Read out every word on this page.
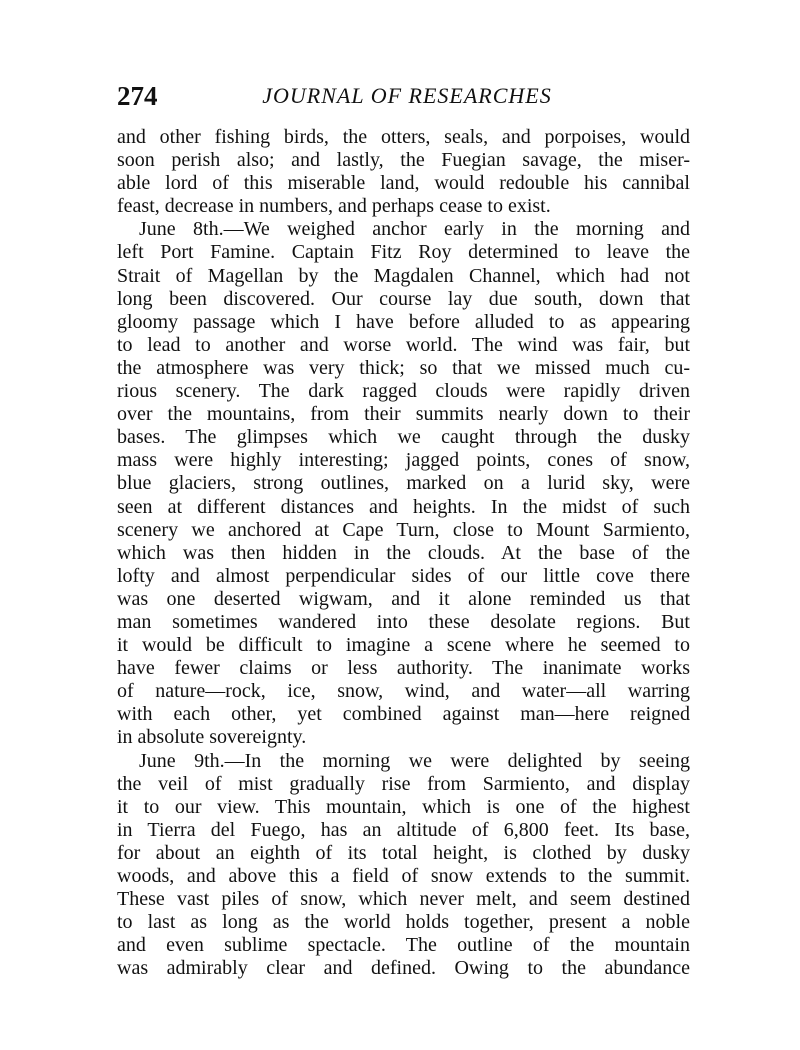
274	JOURNAL OF RESEARCHES
and other fishing birds, the otters, seals, and porpoises, would
soon perish also; and lastly, the Fuegian savage, the miser-
able lord of this miserable land, would redouble his cannibal
feast, decrease in numbers, and perhaps cease to exist.
June 8th.—We weighed anchor early in the morning and
left Port Famine. Captain Fitz Roy determined to leave the
Strait of Magellan by the Magdalen Channel, which had not
long been discovered. Our course lay due south, down that
gloomy passage which I have before alluded to as appearing
to lead to another and worse world. The wind was fair, but
the atmosphere was very thick; so that we missed much cu-
rious scenery. The dark ragged clouds were rapidly driven
over the mountains, from their summits nearly down to their
bases. The glimpses which we caught through the dusky
mass were highly interesting; jagged points, cones of snow,
blue glaciers, strong outlines, marked on a lurid sky, were
seen at different distances and heights. In the midst of such
scenery we anchored at Cape Turn, close to Mount Sarmiento,
which was then hidden in the clouds. At the base of the
lofty and almost perpendicular sides of our little cove there
was one deserted wigwam, and it alone reminded us that
man sometimes wandered into these desolate regions. But
it would be difficult to imagine a scene where he seemed to
have fewer claims or less authority. The inanimate works
of nature—rock, ice, snow, wind, and water—all warring
with each other, yet combined against man—here reigned
in absolute sovereignty.
June 9th.—In the morning we were delighted by seeing
the veil of mist gradually rise from Sarmiento, and display
it to our view. This mountain, which is one of the highest
in Tierra del Fuego, has an altitude of 6,800 feet. Its base,
for about an eighth of its total height, is clothed by dusky
woods, and above this a field of snow extends to the summit.
These vast piles of snow, which never melt, and seem destined
to last as long as the world holds together, present a noble
and even sublime spectacle. The outline of the mountain
was admirably clear and defined. Owing to the abundance
